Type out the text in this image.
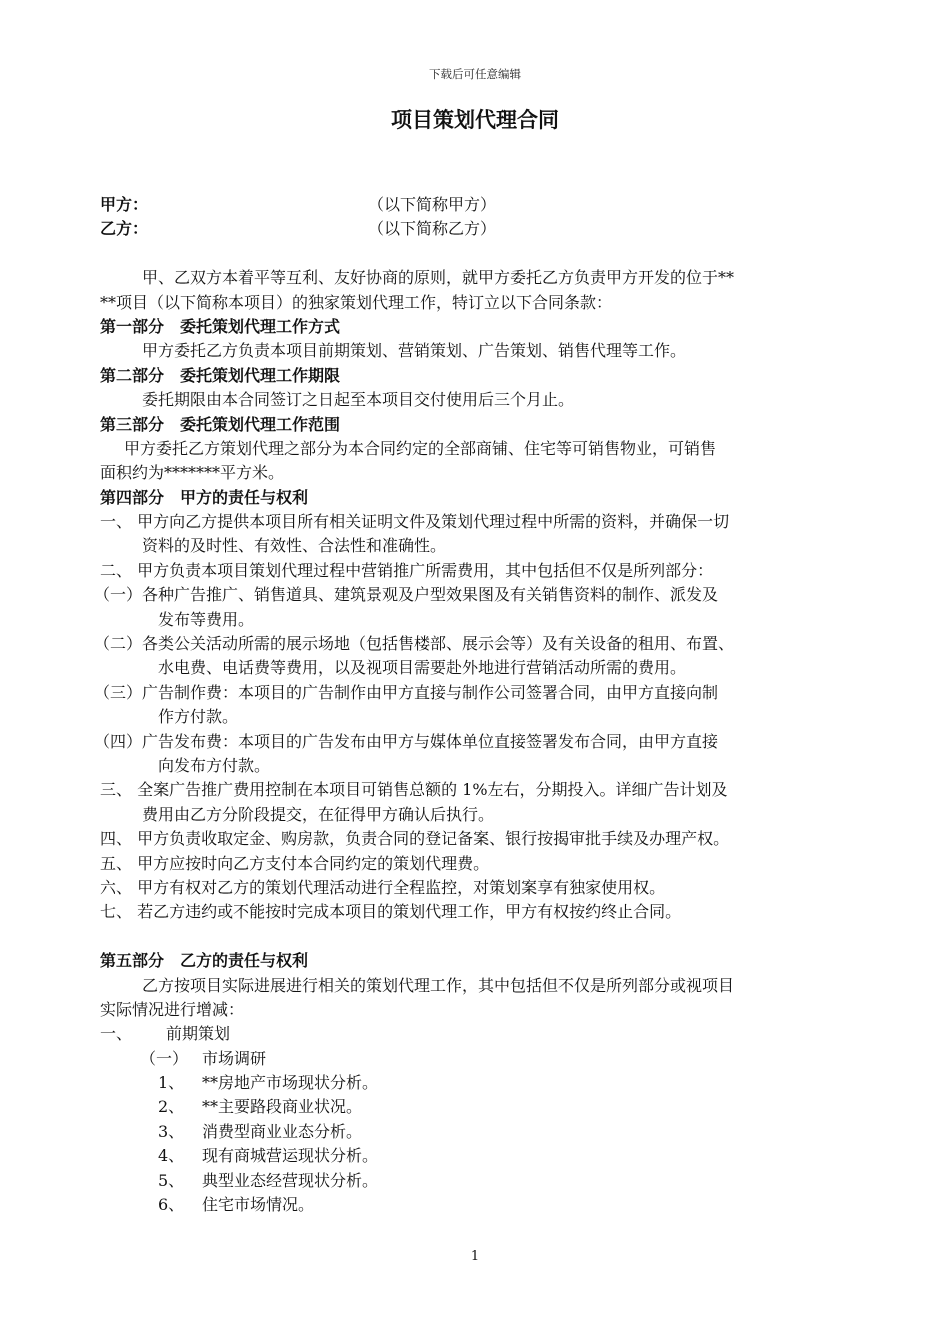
下载后可任意编辑
项目策划代理合同
甲方：	（以下简称甲方）
乙方：	（以下简称乙方）
甲、乙双方本着平等互利、友好协商的原则，就甲方委托乙方负责甲方开发的位于**
**项目（以下简称本项目）的独家策划代理工作，特订立以下合同条款：
第一部分　委托策划代理工作方式
甲方委托乙方负责本项目前期策划、营销策划、广告策划、销售代理等工作。
第二部分　委托策划代理工作期限
委托期限由本合同签订之日起至本项目交付使用后三个月止。
第三部分　委托策划代理工作范围
甲方委托乙方策划代理之部分为本合同约定的全部商铺、住宅等可销售物业，可销售
面积约为*******平方米。
第四部分　甲方的责任与权利
一、 甲方向乙方提供本项目所有相关证明文件及策划代理过程中所需的资料，并确保一切
资料的及时性、有效性、合法性和准确性。
二、 甲方负责本项目策划代理过程中营销推广所需费用，其中包括但不仅是所列部分：
（一）各种广告推广、销售道具、建筑景观及户型效果图及有关销售资料的制作、派发及
发布等费用。
（二）各类公关活动所需的展示场地（包括售楼部、展示会等）及有关设备的租用、布置、
水电费、电话费等费用，以及视项目需要赴外地进行营销活动所需的费用。
（三）广告制作费：本项目的广告制作由甲方直接与制作公司签署合同，由甲方直接向制
作方付款。
（四）广告发布费：本项目的广告发布由甲方与媒体单位直接签署发布合同，由甲方直接
向发布方付款。
三、 全案广告推广费用控制在本项目可销售总额的 1%左右，分期投入。详细广告计划及
费用由乙方分阶段提交，在征得甲方确认后执行。
四、 甲方负责收取定金、购房款，负责合同的登记备案、银行按揭审批手续及办理产权。
五、 甲方应按时向乙方支付本合同约定的策划代理费。
六、 甲方有权对乙方的策划代理活动进行全程监控，对策划案享有独家使用权。
七、 若乙方违约或不能按时完成本项目的策划代理工作，甲方有权按约终止合同。
第五部分　乙方的责任与权利
乙方按项目实际进展进行相关的策划代理工作，其中包括但不仅是所列部分或视项目
实际情况进行增减：
一、 前期策划
（一） 市场调研
1、 **房地产市场现状分析。
2、 **主要路段商业状况。
3、 消费型商业业态分析。
4、 现有商城营运现状分析。
5、 典型业态经营现状分析。
6、 住宅市场情况。
1
